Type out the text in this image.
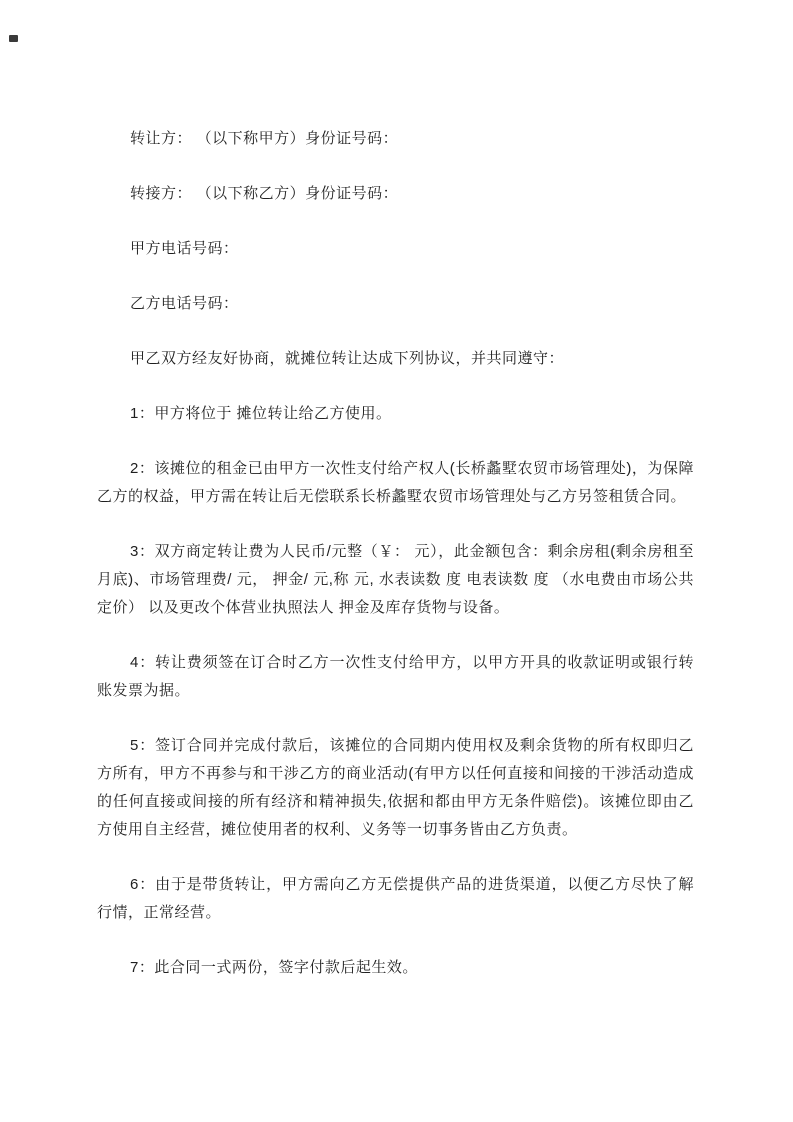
转让方： （以下称甲方）身份证号码：

转接方： （以下称乙方）身份证号码：

甲方电话号码：

乙方电话号码：

甲乙双方经友好协商，就摊位转让达成下列协议，并共同遵守：

1：甲方将位于 摊位转让给乙方使用。

2：该摊位的租金已由甲方一次性支付给产权人(长桥蠡墅农贸市场管理处)，为保障乙方的权益，甲方需在转让后无偿联系长桥蠡墅农贸市场管理处与乙方另签租赁合同。

3：双方商定转让费为人民币/元整（￥： 元），此金额包含：剩余房租(剩余房租至 月底)、市场管理费/ 元， 押金/ 元,称 元, 水表读数 度 电表读数 度 （水电费由市场公共定价） 以及更改个体营业执照法人 押金及库存货物与设备。

4：转让费须签在订合时乙方一次性支付给甲方，以甲方开具的收款证明或银行转账发票为据。

5：签订合同并完成付款后，该摊位的合同期内使用权及剩余货物的所有权即归乙方所有，甲方不再参与和干涉乙方的商业活动(有甲方以任何直接和间接的干涉活动造成的任何直接或间接的所有经济和精神损失,依据和都由甲方无条件赔偿)。该摊位即由乙方使用自主经营，摊位使用者的权利、义务等一切事务皆由乙方负责。

6：由于是带货转让，甲方需向乙方无偿提供产品的进货渠道，以便乙方尽快了解行情，正常经营。

7：此合同一式两份，签字付款后起生效。
